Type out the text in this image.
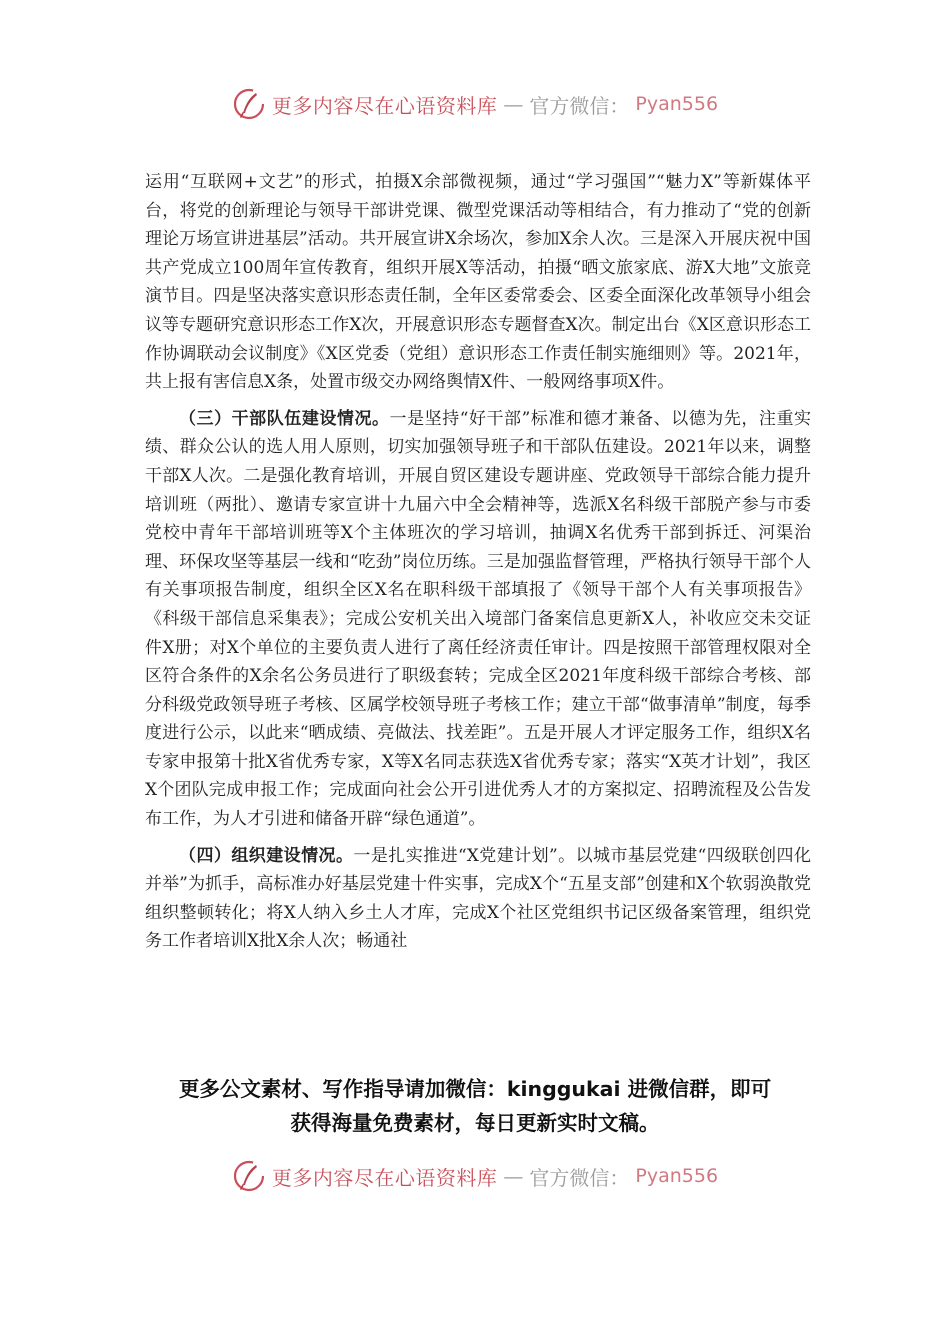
更多内容尽在心语资料库 — 官方微信： Pyan556

运用“互联网+文艺”的形式，拍摄X余部微视频，通过“学习强国”“魅力X”等新媒体平台，将党的创新理论与领导干部讲党课、微型党课活动等相结合，有力推动了“党的创新理论万场宣讲进基层”活动。共开展宣讲X余场次，参加X余人次。三是深入开展庆祝中国共产党成立100周年宣传教育，组织开展X等活动，拍摄“晒文旅家底、游X大地”文旅竞演节目。四是坚决落实意识形态责任制，全年区委常委会、区委全面深化改革领导小组会议等专题研究意识形态工作X次，开展意识形态专题督查X次。制定出台《X区意识形态工作协调联动会议制度》《X区党委（党组）意识形态工作责任制实施细则》等。2021年，共上报有害信息X条，处置市级交办网络舆情X件、一般网络事项X件。

（三）干部队伍建设情况。一是坚持“好干部”标准和德才兼备、以德为先，注重实绩、群众公认的选人用人原则，切实加强领导班子和干部队伍建设。2021年以来，调整干部X人次。二是强化教育培训，开展自贸区建设专题讲座、党政领导干部综合能力提升培训班（两批）、邀请专家宣讲十九届六中全会精神等，选派X名科级干部脱产参与市委党校中青年干部培训班等X个主体班次的学习培训，抽调X名优秀干部到拆迁、河渠治理、环保攻坚等基层一线和“吃劲”岗位历练。三是加强监督管理，严格执行领导干部个人有关事项报告制度，组织全区X名在职科级干部填报了《领导干部个人有关事项报告》《科级干部信息采集表》；完成公安机关出入境部门备案信息更新X人，补收应交未交证件X册；对X个单位的主要负责人进行了离任经济责任审计。四是按照干部管理权限对全区符合条件的X余名公务员进行了职级套转；完成全区2021年度科级干部综合考核、部分科级党政领导班子考核、区属学校领导班子考核工作；建立干部“做事清单”制度，每季度进行公示，以此来“晒成绩、亮做法、找差距”。五是开展人才评定服务工作，组织X名专家申报第十批X省优秀专家，X等X名同志获选X省优秀专家；落实“X英才计划”，我区X个团队完成申报工作；完成面向社会公开引进优秀人才的方案拟定、招聘流程及公告发布工作，为人才引进和储备开辟“绿色通道”。

（四）组织建设情况。一是扎实推进“X党建计划”。以城市基层党建“四级联创四化并举”为抓手，高标准办好基层党建十件实事，完成X个“五星支部”创建和X个软弱涣散党组织整顿转化；将X人纳入乡土人才库，完成X个社区党组织书记区级备案管理，组织党务工作者培训X批X余人次；畅通社

更多公文素材、写作指导请加微信：kinggukai 进微信群，即可
获得海量免费素材，每日更新实时文稿。
更多内容尽在心语资料库 — 官方微信： Pyan556
